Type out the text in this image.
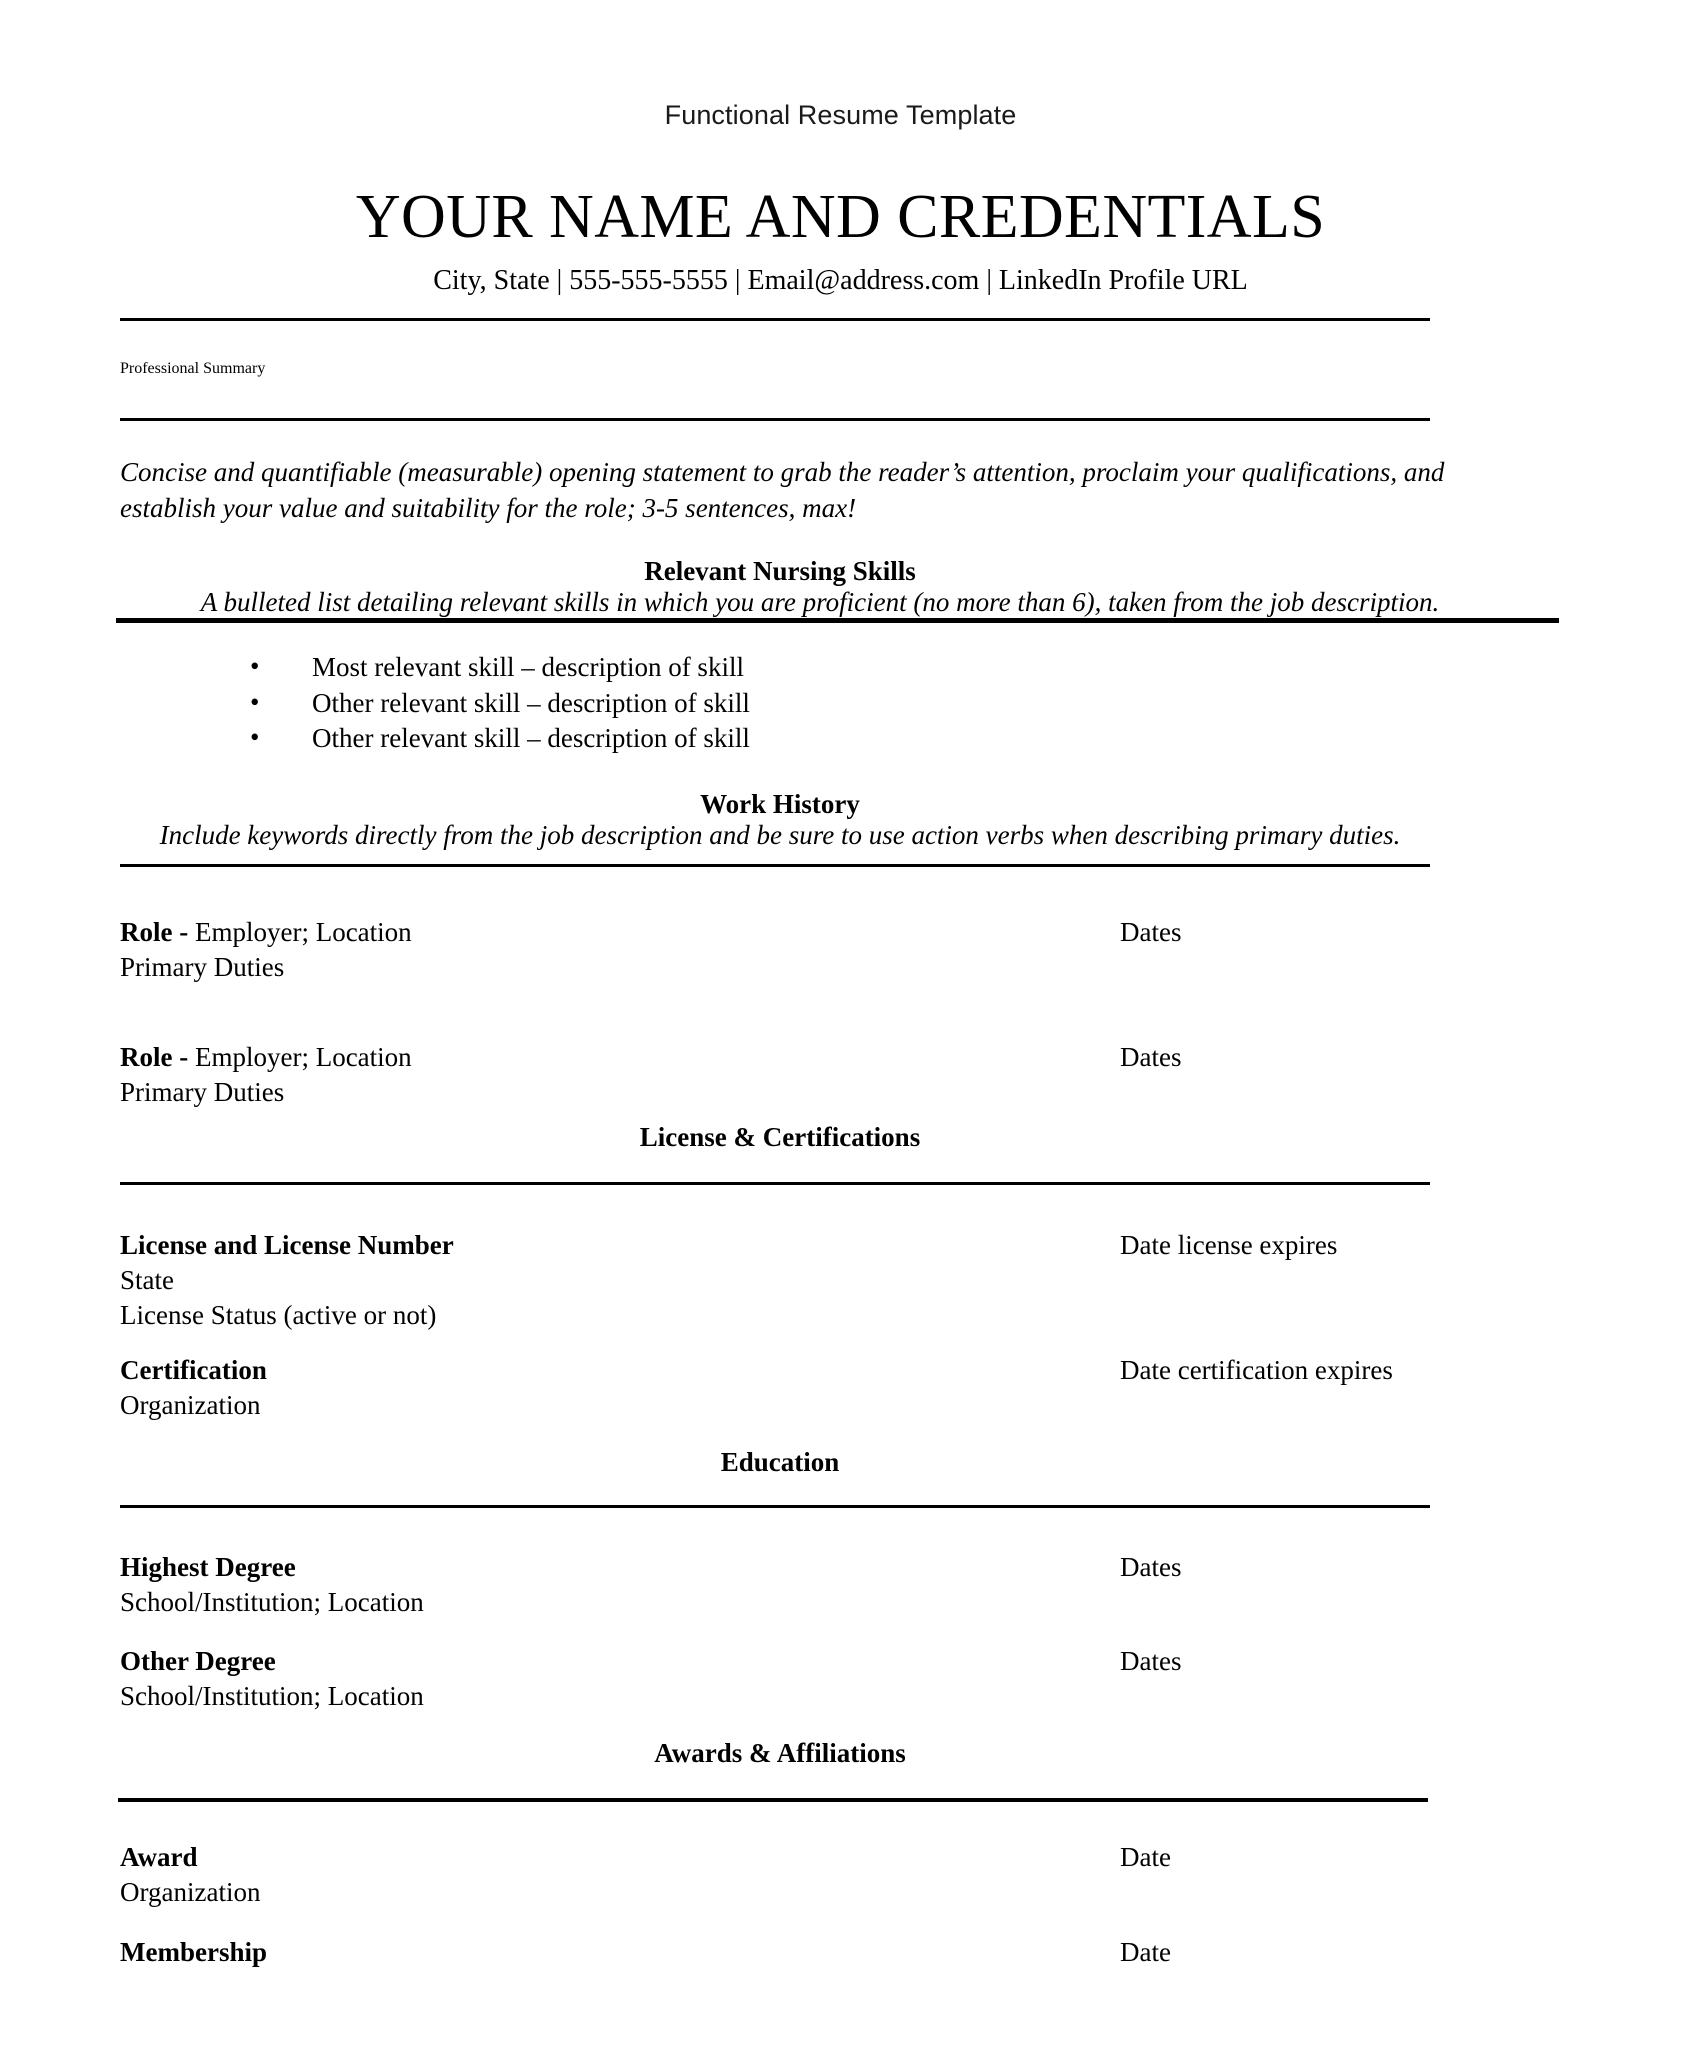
Functional Resume Template
YOUR NAME AND CREDENTIALS
City, State | 555-555-5555 | Email@address.com | LinkedIn Profile URL
Professional Summary
Concise and quantifiable (measurable) opening statement to grab the reader’s attention, proclaim your qualifications, and establish your value and suitability for the role; 3-5 sentences, max!
Relevant Nursing Skills
A bulleted list detailing relevant skills in which you are proficient (no more than 6), taken from the job description.
• Most relevant skill – description of skill
• Other relevant skill – description of skill
• Other relevant skill – description of skill
Work History
Include keywords directly from the job description and be sure to use action verbs when describing primary duties.
Role - Employer; Location	Dates
Primary Duties
Role - Employer; Location	Dates
Primary Duties
License & Certifications
License and License Number	Date license expires
State
License Status (active or not)
Certification	Date certification expires
Organization
Education
Highest Degree	Dates
School/Institution; Location
Other Degree	Dates
School/Institution; Location
Awards & Affiliations
Award	Date
Organization
Membership	Date
